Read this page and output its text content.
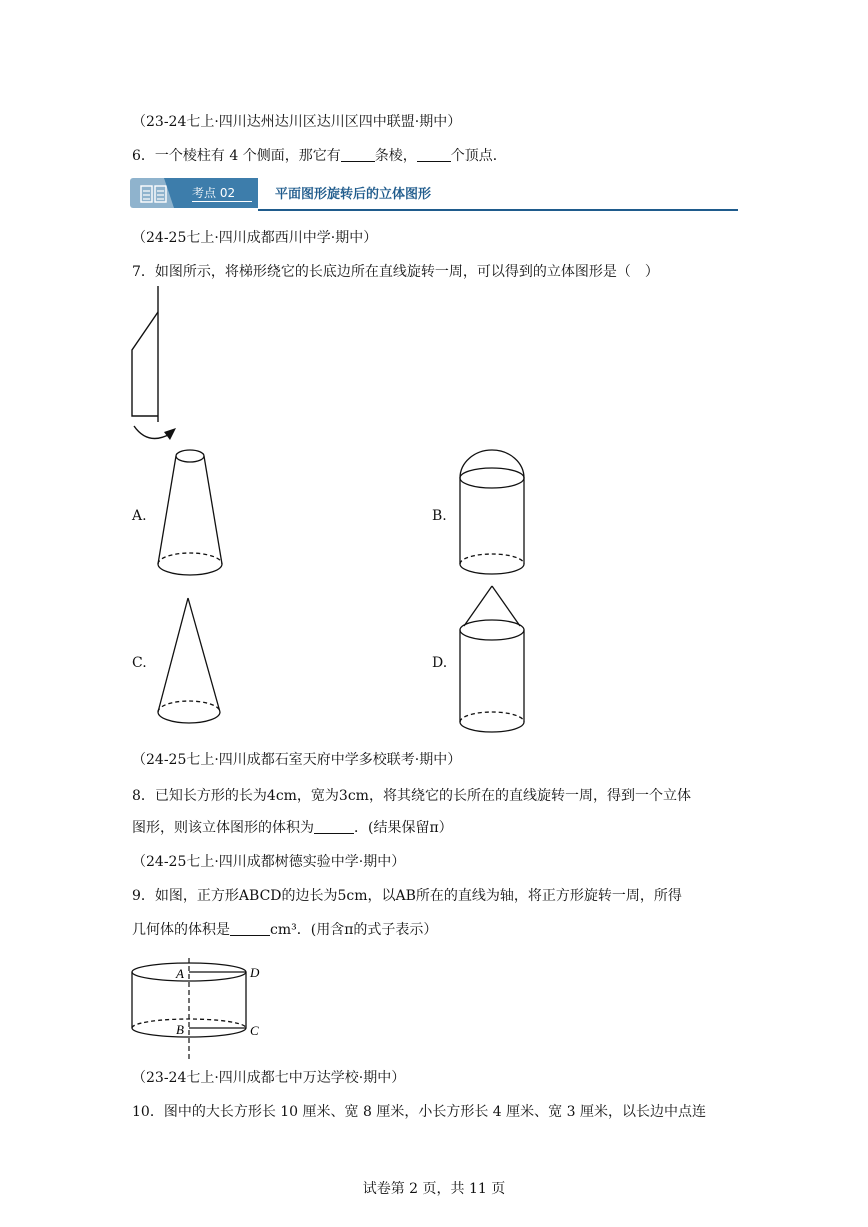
（23-24七上·四川达州达川区达川区四中联盟·期中）
6．一个棱柱有 4 个侧面，那它有 条棱， 个顶点．
考点 02	平面图形旋转后的立体图形
（24-25七上·四川成都西川中学·期中）
7．如图所示，将梯形绕它的长底边所在直线旋转一周，可以得到的立体图形是（　）
A.	B.
C.	D.
（24-25七上·四川成都石室天府中学多校联考·期中）
8．已知长方形的长为4cm，宽为3cm，将其绕它的长所在的直线旋转一周，得到一个立体
图形，则该立体图形的体积为	．(结果保留π）
（24-25七上·四川成都树德实验中学·期中）
9．如图，正方形ABCD的边长为5cm，以AB所在的直线为轴，将正方形旋转一周，所得
几何体的体积是	cm³．(用含π的式子表示）
A	D
B	C
（23-24七上·四川成都七中万达学校·期中）
10．图中的大长方形长 10 厘米、宽 8 厘米，小长方形长 4 厘米、宽 3 厘米，以长边中点连
试卷第 2 页，共 11 页
